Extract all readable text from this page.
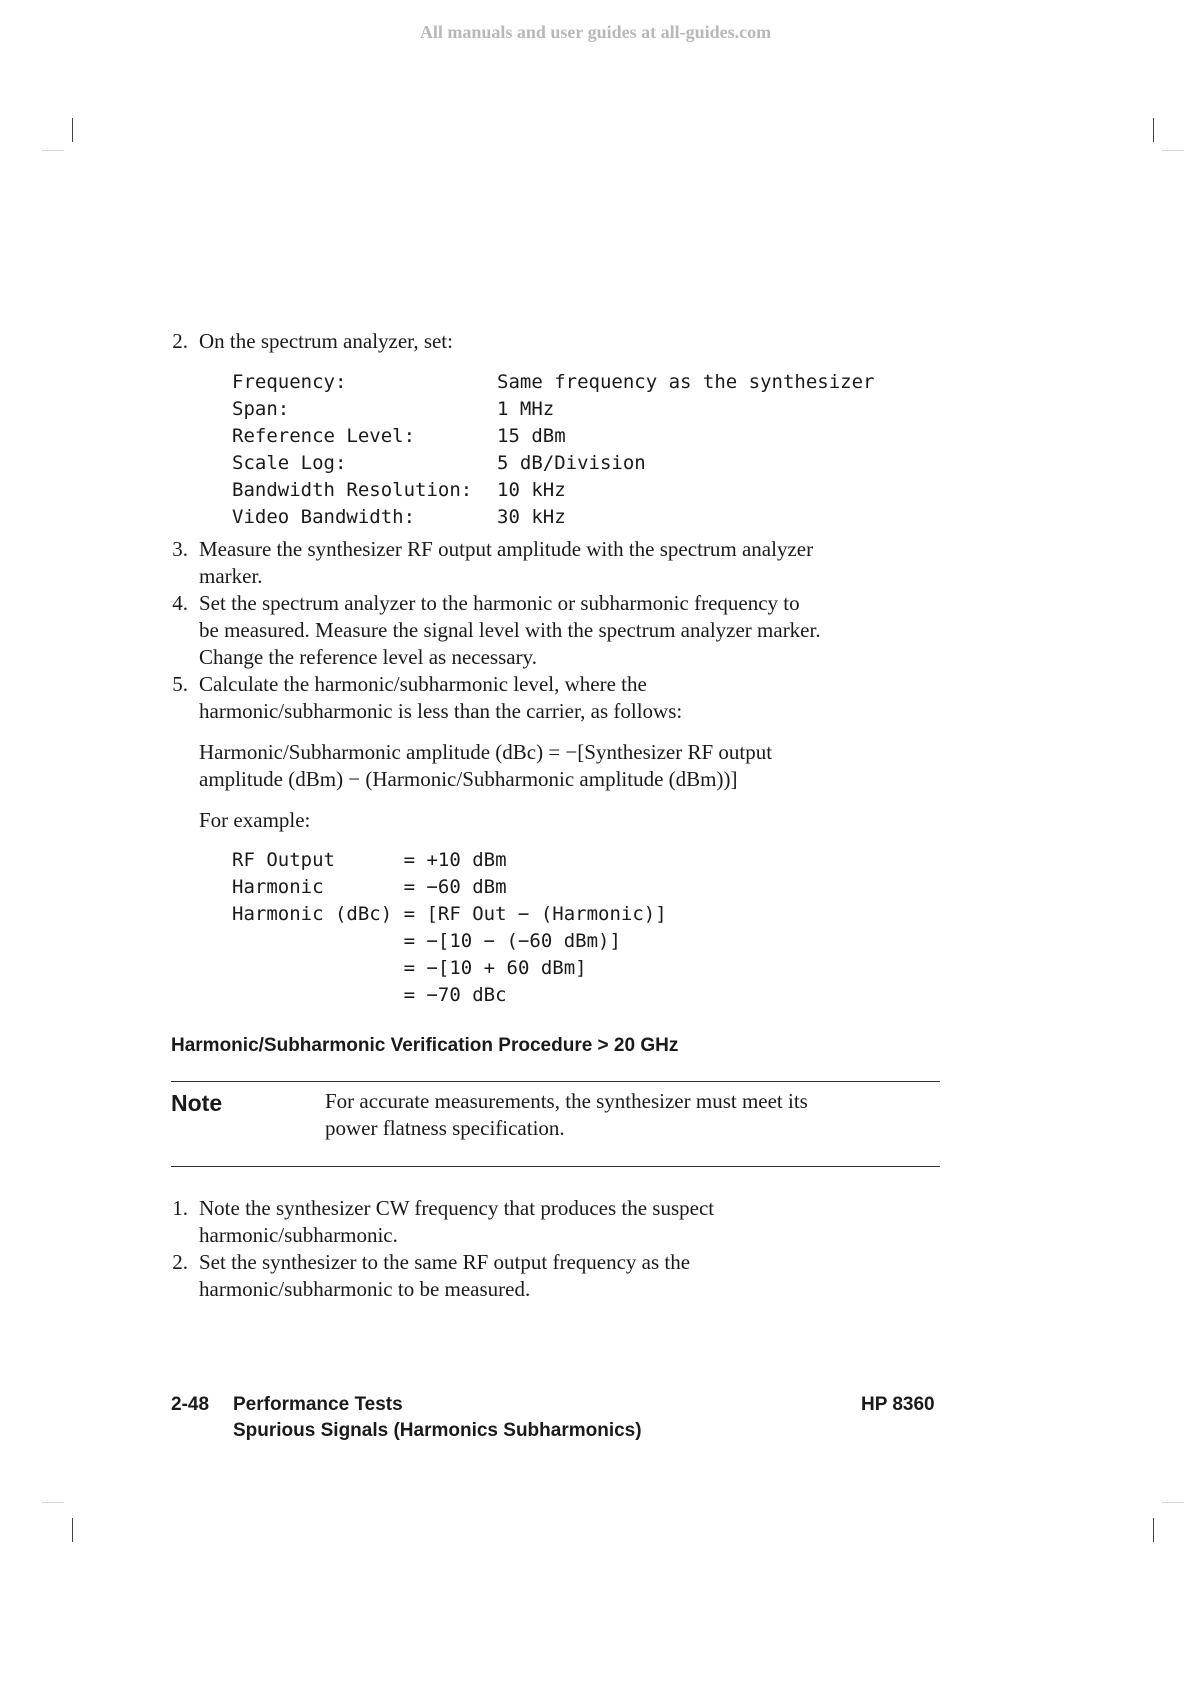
All manuals and user guides at all-guides.com
2. On the spectrum analyzer, set:
Frequency:	Same frequency as the synthesizer
Span:	1 MHz
Reference Level:	15 dBm
Scale Log:	5 dB/Division
Bandwidth Resolution: 10 kHz
Video Bandwidth:	30 kHz
3. Measure the synthesizer RF output amplitude with the spectrum analyzer
marker.
4. Set the spectrum analyzer to the harmonic or subharmonic frequency to
be measured. Measure the signal level with the spectrum analyzer marker.
Change the reference level as necessary.
5. Calculate the harmonic/subharmonic level, where the
harmonic/subharmonic is less than the carrier, as follows:
Harmonic/Subharmonic amplitude (dBc) = −[Synthesizer RF output
amplitude (dBm) − (Harmonic/Subharmonic amplitude (dBm))]
For example:
RF Output      = +10 dBm
Harmonic       = −60 dBm
Harmonic (dBc) = [RF Out − (Harmonic)]
= −[10 − (−60 dBm)]
= −[10 + 60 dBm]
= −70 dBc
Harmonic/Subharmonic Verification Procedure > 20 GHz
Note	For accurate measurements, the synthesizer must meet its
power flatness specification.
1. Note the synthesizer CW frequency that produces the suspect
harmonic/subharmonic.
2. Set the synthesizer to the same RF output frequency as the
harmonic/subharmonic to be measured.
2-48 Performance Tests
Spurious Signals (Harmonics Subharmonics)
HP 8360
